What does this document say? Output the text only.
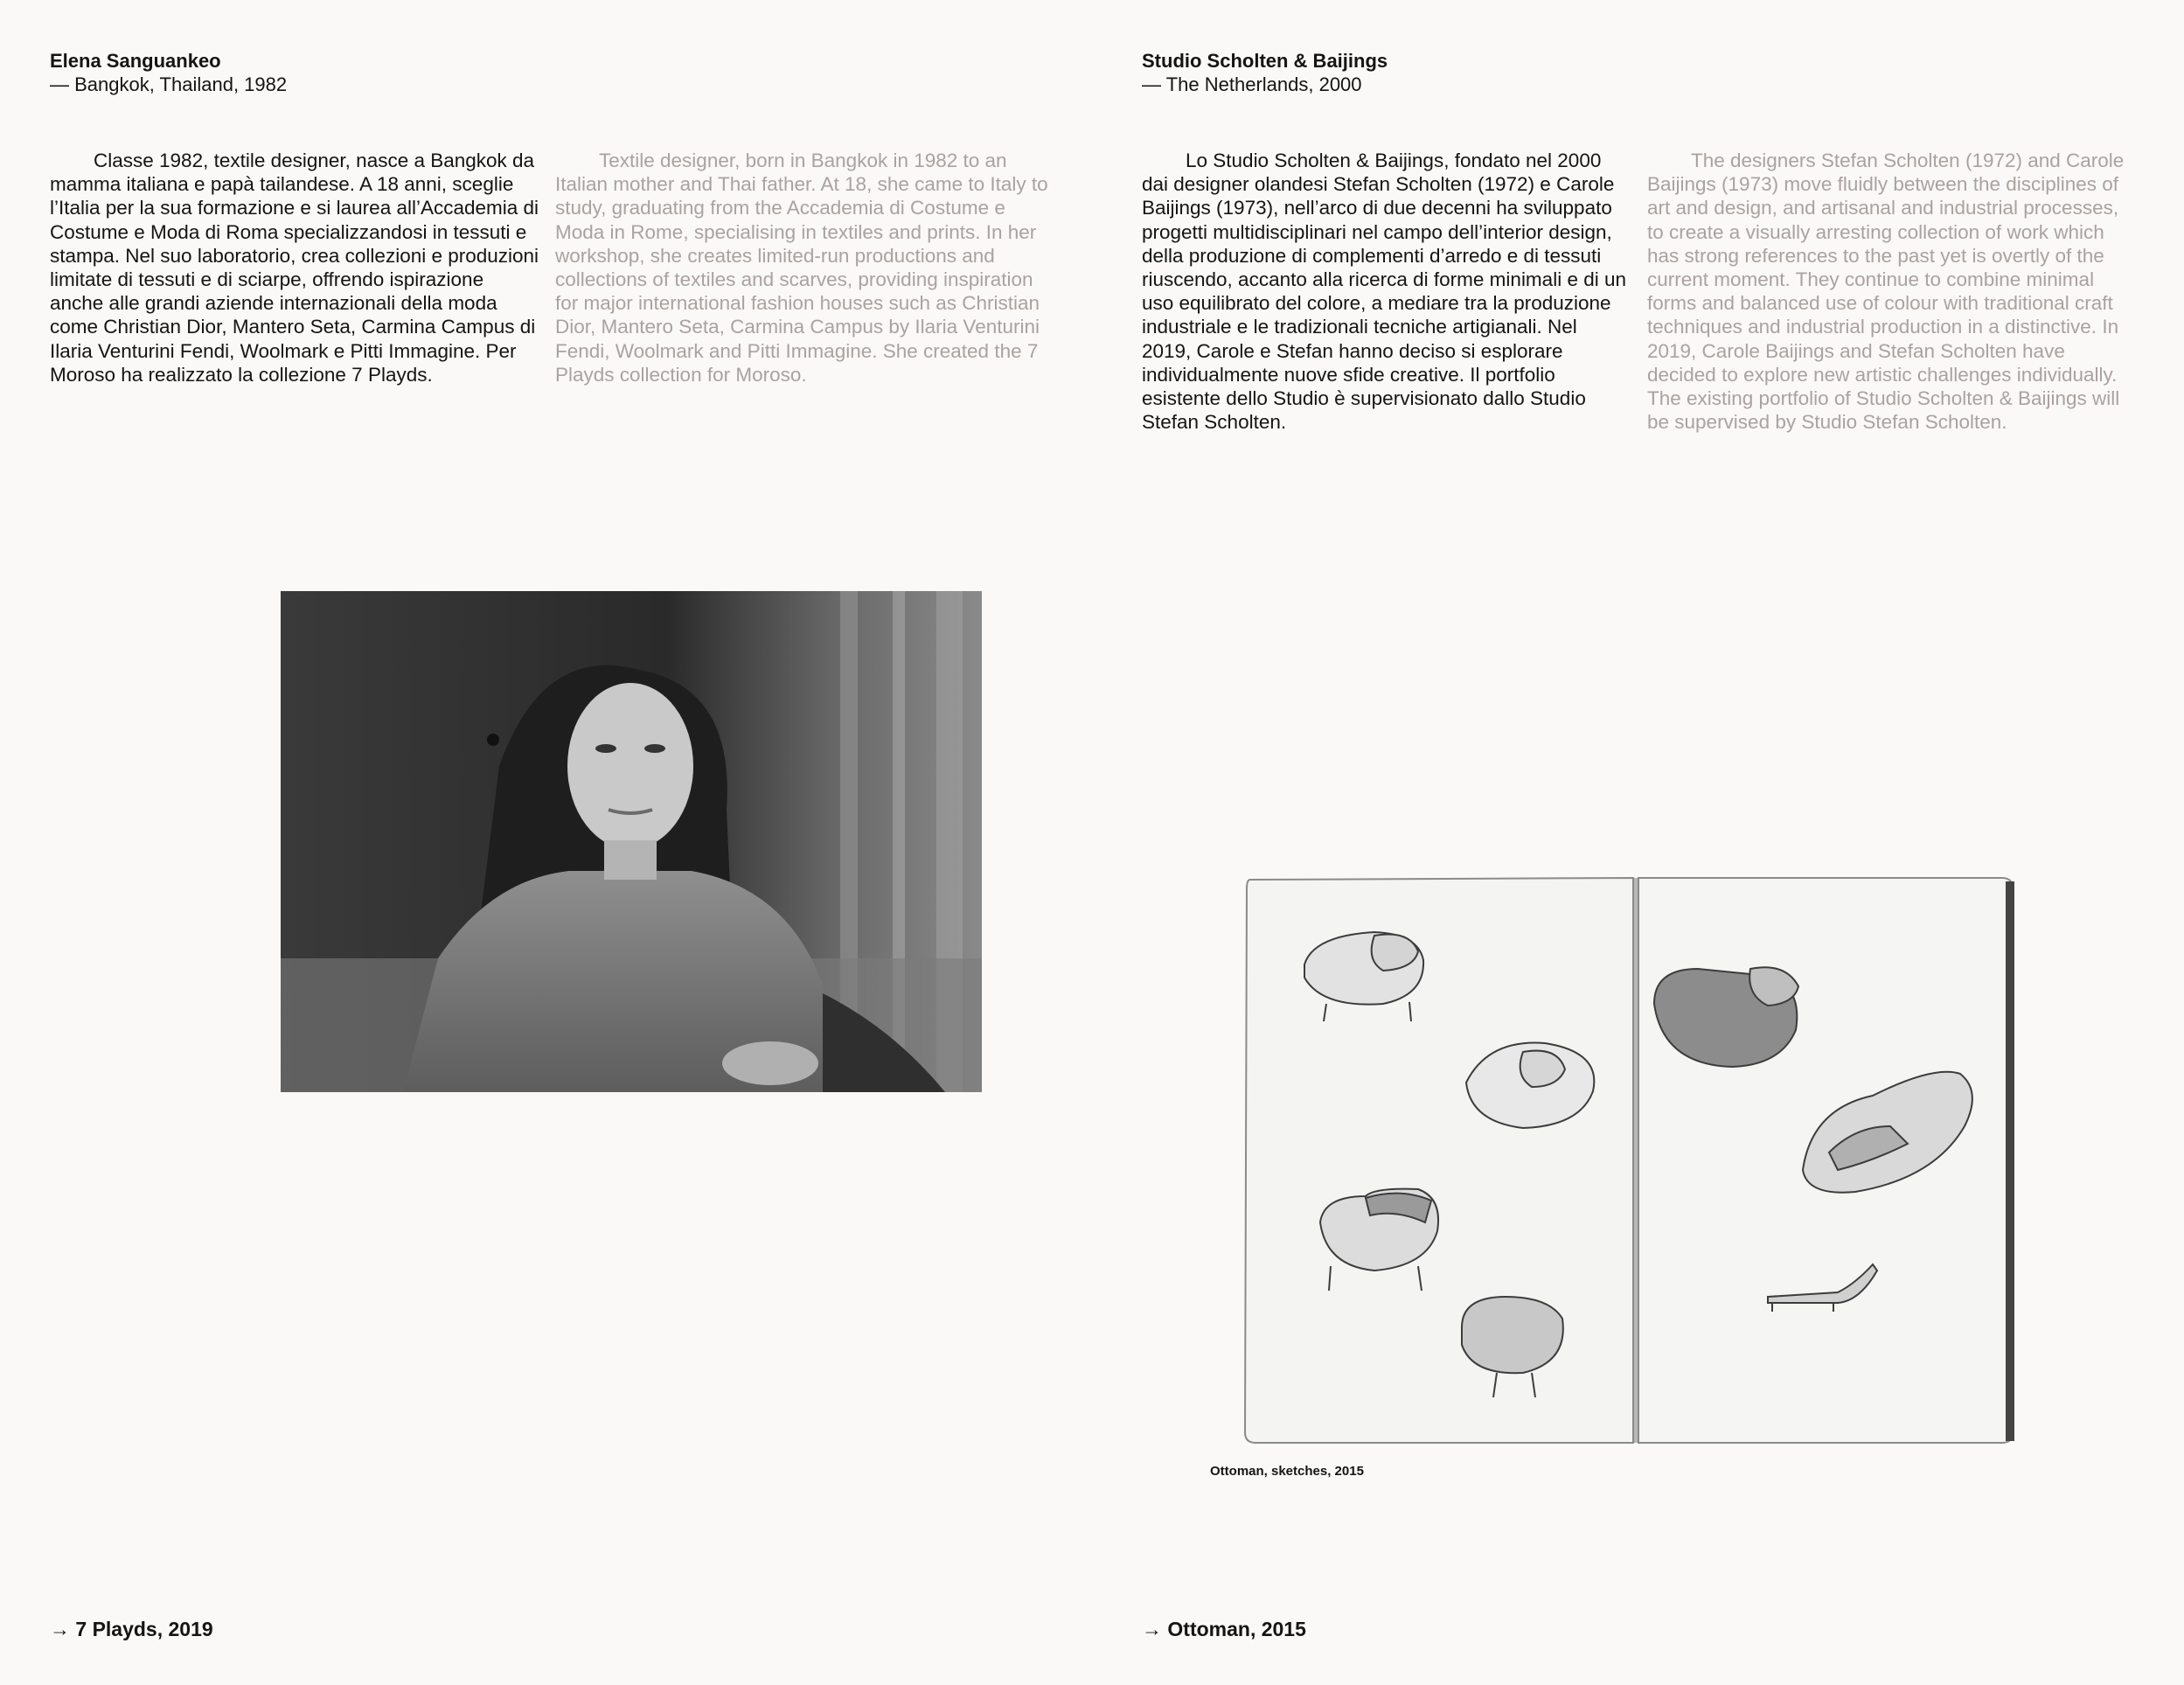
Elena Sanguankeo
— Bangkok, Thailand, 1982

Classe 1982, textile designer, nasce a Bangkok da mamma italiana e papà tailandese. A 18 anni, sceglie l’Italia per la sua formazione e si laurea all’Accademia di Costume e Moda di Roma specializzandosi in tessuti e stampa. Nel suo laboratorio, crea collezioni e produzioni limitate di tessuti e di sciarpe, offrendo ispirazione anche alle grandi aziende internazionali della moda come Christian Dior, Mantero Seta, Carmina Campus di Ilaria Venturini Fendi, Woolmark e Pitti Immagine. Per Moroso ha realizzato la collezione 7 Playds.

Textile designer, born in Bangkok in 1982 to an Italian mother and Thai father. At 18, she came to Italy to study, graduating from the Accademia di Costume e Moda in Rome, specialising in textiles and prints. In her workshop, she creates limited-run productions and collections of textiles and scarves, providing inspiration for major international fashion houses such as Christian Dior, Mantero Seta, Carmina Campus by Ilaria Venturini Fendi, Woolmark and Pitti Immagine. She created the 7 Playds collection for Moroso.

→ 7 Playds, 2019
Studio Scholten & Baijings
— The Netherlands, 2000

Lo Studio Scholten & Baijings, fondato nel 2000 dai designer olandesi Stefan Scholten (1972) e Carole Baijings (1973), nell’arco di due decenni ha sviluppato progetti multidisciplinari nel campo dell’interior design, della produzione di complementi d’arredo e di tessuti riuscendo, accanto alla ricerca di forme minimali e di un uso equilibrato del colore, a mediare tra la produzione industriale e le tradizionali tecniche artigianali. Nel 2019, Carole e Stefan hanno deciso si esplorare individualmente nuove sfide creative. Il portfolio esistente dello Studio è supervisionato dallo Studio Stefan Scholten.

The designers Stefan Scholten (1972) and Carole Baijings (1973) move fluidly between the disciplines of art and design, and artisanal and industrial processes, to create a visually arresting collection of work which has strong references to the past yet is overtly of the current moment. They continue to combine minimal forms and balanced use of colour with traditional craft techniques and industrial production in a distinctive. In 2019, Carole Baijings and Stefan Scholten have decided to explore new artistic challenges individually. The existing portfolio of Studio Scholten & Baijings will be supervised by Studio Stefan Scholten.

Ottoman, sketches, 2015
→ Ottoman, 2015
